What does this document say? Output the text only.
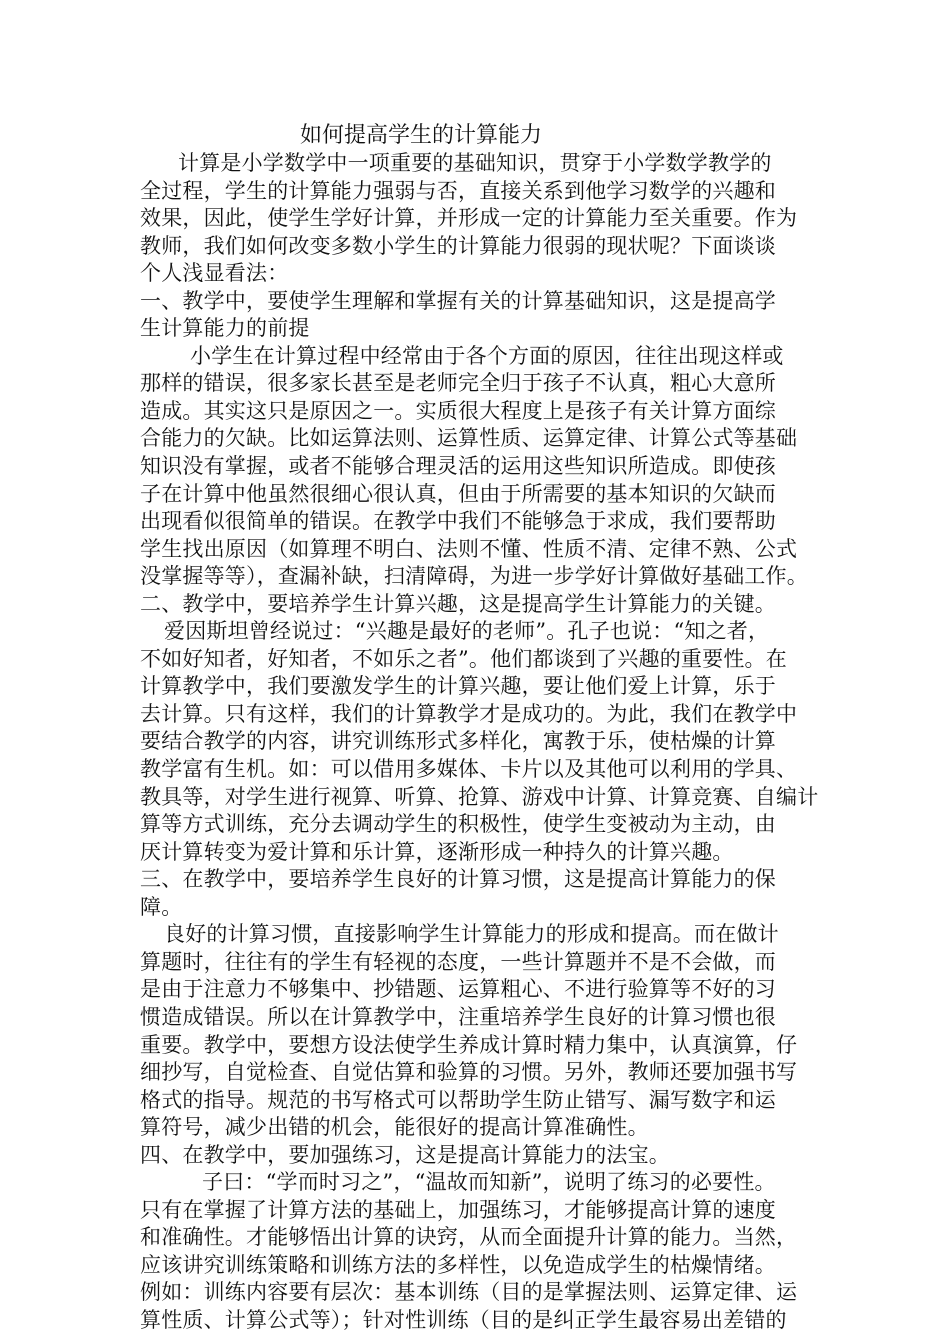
如何提高学生的计算能力
计算是小学数学中一项重要的基础知识，贯穿于小学数学教学的
全过程，学生的计算能力强弱与否，直接关系到他学习数学的兴趣和
效果，因此，使学生学好计算，并形成一定的计算能力至关重要。作为
教师，我们如何改变多数小学生的计算能力很弱的现状呢？下面谈谈
个人浅显看法：
一、教学中，要使学生理解和掌握有关的计算基础知识，这是提高学
生计算能力的前提
小学生在计算过程中经常由于各个方面的原因，往往出现这样或
那样的错误，很多家长甚至是老师完全归于孩子不认真，粗心大意所
造成。其实这只是原因之一。实质很大程度上是孩子有关计算方面综
合能力的欠缺。比如运算法则、运算性质、运算定律、计算公式等基础
知识没有掌握，或者不能够合理灵活的运用这些知识所造成。即使孩
子在计算中他虽然很细心很认真，但由于所需要的基本知识的欠缺而
出现看似很简单的错误。在教学中我们不能够急于求成，我们要帮助
学生找出原因（如算理不明白、法则不懂、性质不清、定律不熟、公式
没掌握等等），查漏补缺，扫清障碍，为进一步学好计算做好基础工作。
二、教学中，要培养学生计算兴趣，这是提高学生计算能力的关键。
爱因斯坦曾经说过：“兴趣是最好的老师”。孔子也说：“知之者，
不如好知者，好知者，不如乐之者”。他们都谈到了兴趣的重要性。在
计算教学中，我们要激发学生的计算兴趣，要让他们爱上计算，乐于
去计算。只有这样，我们的计算教学才是成功的。为此，我们在教学中
要结合教学的内容，讲究训练形式多样化，寓教于乐，使枯燥的计算
教学富有生机。如：可以借用多媒体、卡片以及其他可以利用的学具、
教具等，对学生进行视算、听算、抢算、游戏中计算、计算竞赛、自编计
算等方式训练，充分去调动学生的积极性，使学生变被动为主动，由
厌计算转变为爱计算和乐计算，逐渐形成一种持久的计算兴趣。
三、在教学中，要培养学生良好的计算习惯，这是提高计算能力的保
障。
良好的计算习惯，直接影响学生计算能力的形成和提高。而在做计
算题时，往往有的学生有轻视的态度，一些计算题并不是不会做，而
是由于注意力不够集中、抄错题、运算粗心、不进行验算等不好的习
惯造成错误。所以在计算教学中，注重培养学生良好的计算习惯也很
重要。教学中，要想方设法使学生养成计算时精力集中，认真演算，仔
细抄写，自觉检查、自觉估算和验算的习惯。另外，教师还要加强书写
格式的指导。规范的书写格式可以帮助学生防止错写、漏写数字和运
算符号，减少出错的机会，能很好的提高计算准确性。
四、在教学中，要加强练习，这是提高计算能力的法宝。
子曰：“学而时习之”，“温故而知新”，说明了练习的必要性。
只有在掌握了计算方法的基础上，加强练习，才能够提高计算的速度
和准确性。才能够悟出计算的诀窍，从而全面提升计算的能力。当然，
应该讲究训练策略和训练方法的多样性，以免造成学生的枯燥情绪。
例如：训练内容要有层次：基本训练（目的是掌握法则、运算定律、运
算性质、计算公式等）；针对性训练（目的是纠正学生最容易出差错的
